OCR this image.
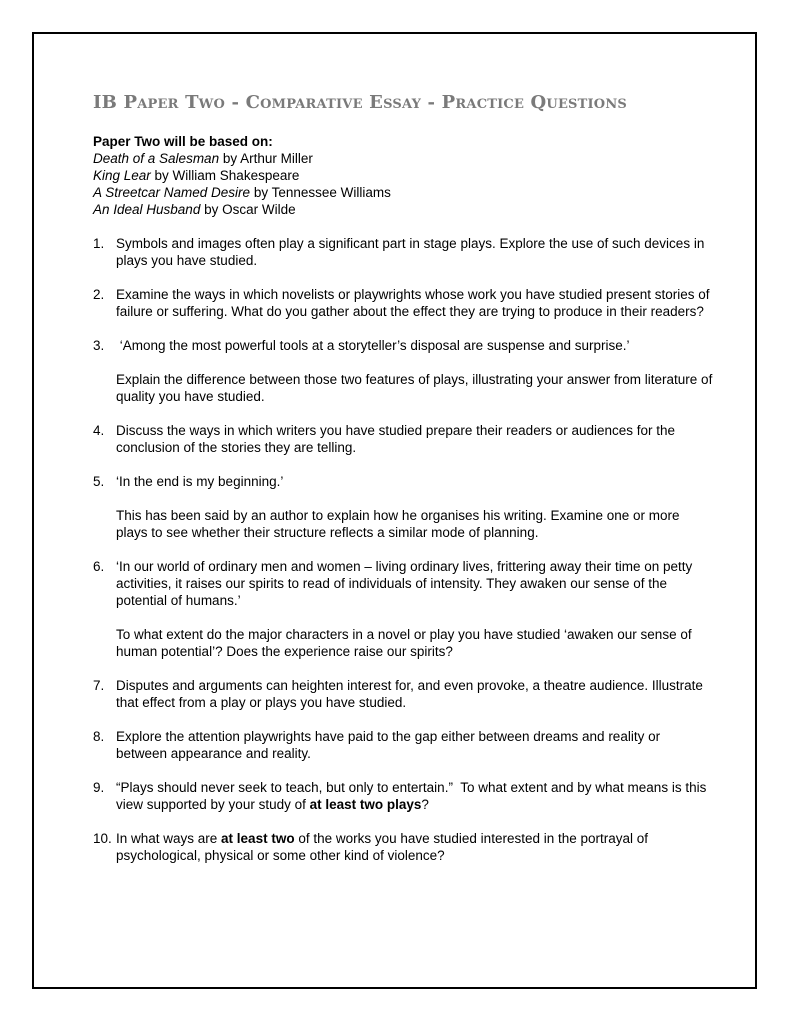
IB Paper Two - Comparative Essay - Practice Questions

Paper Two will be based on:

Death of a Salesman by Arthur Miller

King Lear by William Shakespeare

A Streetcar Named Desire by Tennessee Williams

An Ideal Husband by Oscar Wilde

1. Symbols and images often play a significant part in stage plays. Explore the use of such devices in plays you have studied.

2. Examine the ways in which novelists or playwrights whose work you have studied present stories of failure or suffering. What do you gather about the effect they are trying to produce in their readers?

3. ‘Among the most powerful tools at a storyteller’s disposal are suspense and surprise.’

Explain the difference between those two features of plays, illustrating your answer from literature of quality you have studied.

4. Discuss the ways in which writers you have studied prepare their readers or audiences for the conclusion of the stories they are telling.

5. ‘In the end is my beginning.’

This has been said by an author to explain how he organises his writing. Examine one or more plays to see whether their structure reflects a similar mode of planning.

6. ‘In our world of ordinary men and women – living ordinary lives, frittering away their time on petty activities, it raises our spirits to read of individuals of intensity. They awaken our sense of the potential of humans.’

To what extent do the major characters in a novel or play you have studied ‘awaken our sense of human potential’? Does the experience raise our spirits?

7. Disputes and arguments can heighten interest for, and even provoke, a theatre audience. Illustrate that effect from a play or plays you have studied.

8. Explore the attention playwrights have paid to the gap either between dreams and reality or between appearance and reality.

9. “Plays should never seek to teach, but only to entertain.”  To what extent and by what means is this view supported by your study of at least two plays?

10. In what ways are at least two of the works you have studied interested in the portrayal of psychological, physical or some other kind of violence?
